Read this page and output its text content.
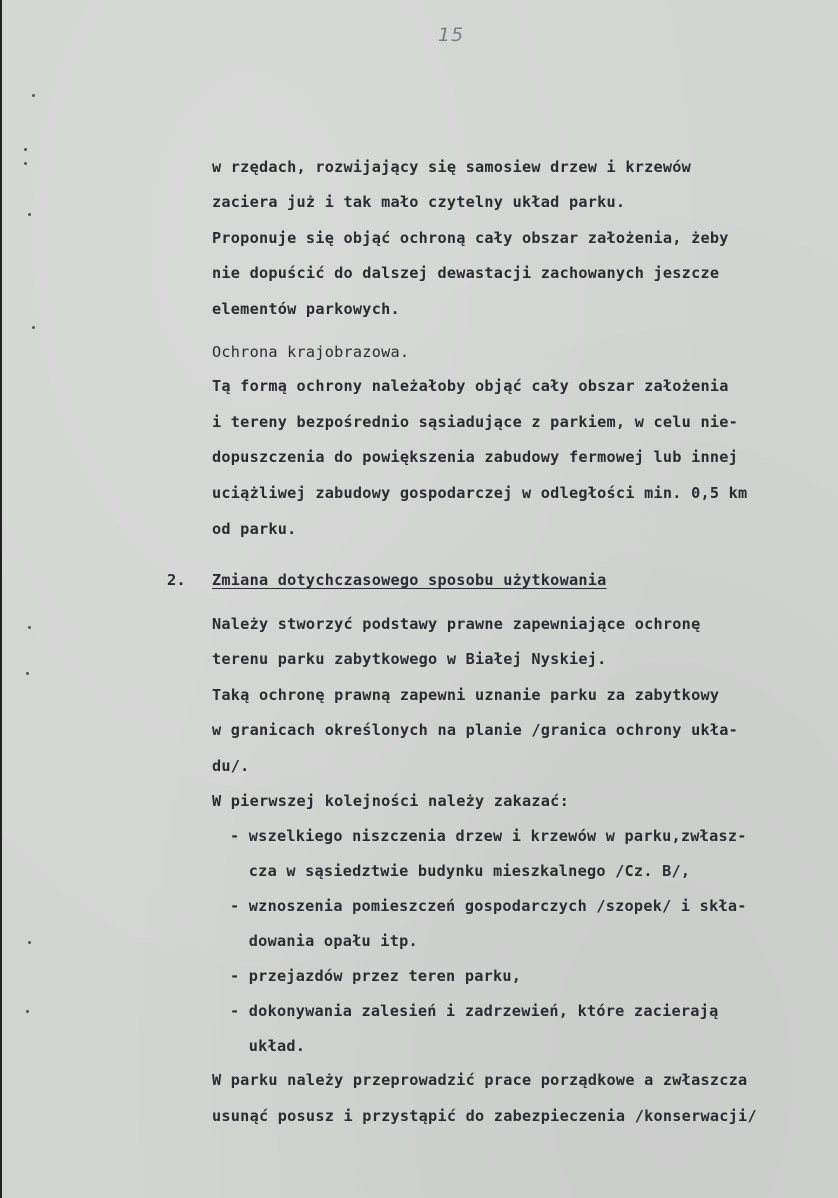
15
w rzędach, rozwijający się samosiew drzew i krzewów
zaciera już i tak mało czytelny układ parku.
Proponuje się objąć ochroną cały obszar założenia, żeby
nie dopuścić do dalszej dewastacji zachowanych jeszcze
elementów parkowych.
Ochrona krajobrazowa.
Tą formą ochrony należałoby objąć cały obszar założenia
i tereny bezpośrednio sąsiadujące z parkiem, w celu nie-
dopuszczenia do powiększenia zabudowy fermowej lub innej
uciążliwej zabudowy gospodarczej w odległości min. 0,5 km
od parku.
2. Zmiana dotychczasowego sposobu użytkowania
Należy stworzyć podstawy prawne zapewniające ochronę
terenu parku zabytkowego w Białej Nyskiej.
Taką ochronę prawną zapewni uznanie parku za zabytkowy
w granicach określonych na planie /granica ochrony ukła-
du/.
W pierwszej kolejności należy zakazać:
- wszelkiego niszczenia drzew i krzewów w parku,zwłasz-
cza w sąsiedztwie budynku mieszkalnego /Cz. B/,
- wznoszenia pomieszczeń gospodarczych /szopek/ i skła-
dowania opału itp.
- przejazdów przez teren parku,
- dokonywania zalesień i zadrzewień, które zacierają
układ.
W parku należy przeprowadzić prace porządkowe a zwłaszcza
usunąć posusz i przystąpić do zabezpieczenia /konserwacji/
